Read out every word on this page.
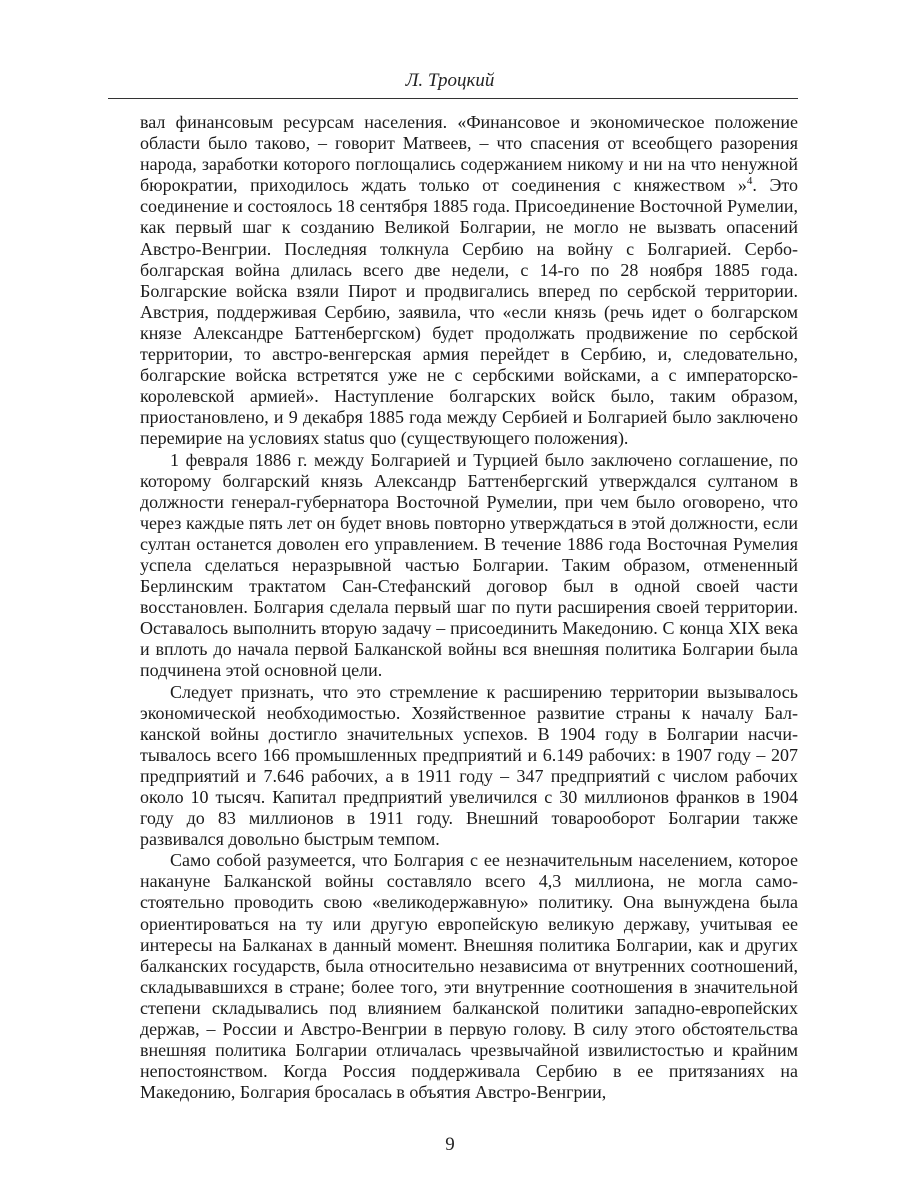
Л. Троцкий

вал финансовым ресурсам населения. «Финансовое и экономическое положение области было таково, – говорит Матвеев, – что спасения от всеобщего разорения народа, заработки которого поглощались содержанием никому и ни на что ненужной бюрократии, приходилось ждать только от соединения с княжеством »$^4$. Это соединение и состоялось 18 сентября 1885 года. Присоединение Восточной Румелии, как первый шаг к созданию Великой Болгарии, не могло не вызвать опасений Австро-Венгрии. Последняя толкнула Сербию на войну с Болгарией. Сербо-болгарская война длилась всего две недели, с 14-го по 28 ноября 1885 года. Болгарские войска взяли Пирот и продвигались вперед по сербской территории. Австрия, поддерживая Сербию, заявила, что «если князь (речь идет о болгарском князе Александре Баттенбергском) будет продолжать продвижение по сербской территории, то австро-венгерская армия перейдет в Сербию, и, следовательно, болгарские войска встретятся уже не с сербскими войсками, а с императорско-королевской армией». Наступление болгарских войск было, таким образом, приостановлено, и 9 декабря 1885 года между Сербией и Болгарией было заключено перемирие на условиях status quo (существующего положения).

1 февраля 1886 г. между Болгарией и Турцией было заключено соглашение, по которому болгарский князь Александр Баттенбергский утверждался султаном в должности генерал-губернатора Восточной Румелии, при чем было оговорено, что через каждые пять лет он будет вновь повторно утверждаться в этой должности, если султан останется доволен его управлением. В течение 1886 года Восточная Румелия успела сделаться неразрывной частью Болгарии. Таким образом, отмененный Берлинским трактатом Сан-Стефанский договор был в одной своей части восстановлен. Болгария сделала первый шаг по пути расширения своей территории. Оставалось выполнить вторую задачу – присоединить Македонию. С конца XIX века и вплоть до начала первой Балканской войны вся внешняя политика Болгарии была подчинена этой основной цели.

Следует признать, что это стремление к расширению территории вызывалось экономической необходимостью. Хозяйственное развитие страны к началу Балканской войны достигло значительных успехов. В 1904 году в Болгарии насчитывалось всего 166 промышленных предприятий и 6.149 рабочих: в 1907 году – 207 предприятий и 7.646 рабочих, а в 1911 году – 347 предприятий с числом рабочих около 10 тысяч. Капитал предприятий увеличился с 30 миллионов франков в 1904 году до 83 миллионов в 1911 году. Внешний товарооборот Болгарии также развивался довольно быстрым темпом.

Само собой разумеется, что Болгария с ее незначительным населением, которое накануне Балканской войны составляло всего 4,3 миллиона, не могла самостоятельно проводить свою «великодержавную» политику. Она вынуждена была ориентироваться на ту или другую европейскую великую державу, учитывая ее интересы на Балканах в данный момент. Внешняя политика Болгарии, как и других балканских государств, была относительно независима от внутренних соотношений, складывавшихся в стране; более того, эти внутренние соотношения в значительной степени складывались под влиянием балканской политики западно-европейских держав, – России и Австро-Венгрии в первую голову. В силу этого обстоятельства внешняя политика Болгарии отличалась чрезвычайной извилистостью и крайним непостоянством. Когда Россия поддерживала Сербию в ее притязаниях на Македонию, Болгария бросалась в объятия Австро-Венгрии,

9
